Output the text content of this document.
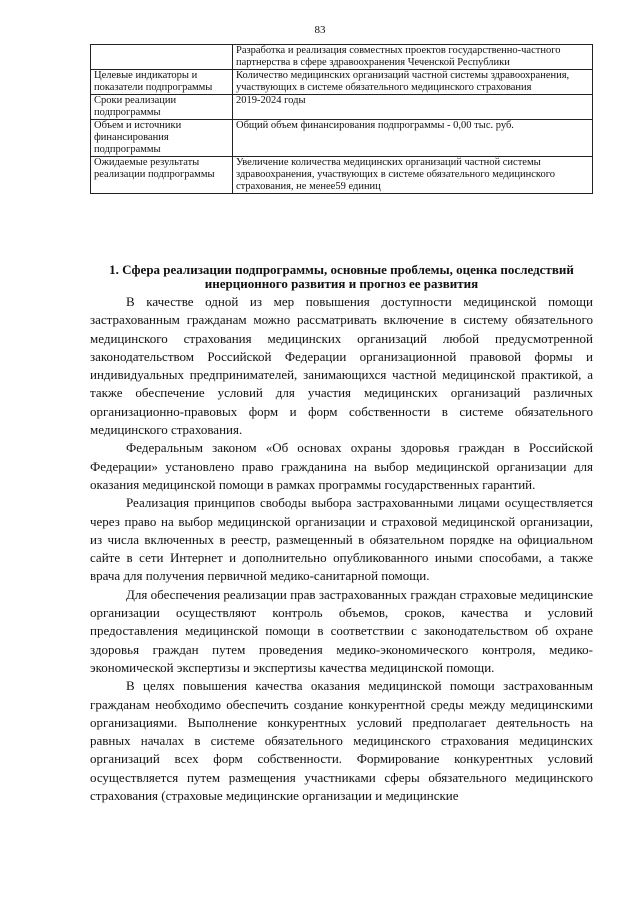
83
	Разработка и реализация совместных проектов государственно-частного партнерства в сфере здравоохранения Чеченской Республики
Целевые индикаторы и показатели подпрограммы	Количество медицинских организаций частной системы здравоохранения, участвующих в системе обязательного медицинского страхования
Сроки реализации подпрограммы	2019-2024 годы
Объем и источники финансирования подпрограммы	Общий объем финансирования подпрограммы - 0,00 тыс. руб.
Ожидаемые результаты реализации подпрограммы	Увеличение количества медицинских организаций частной системы здравоохранения, участвующих в системе обязательного медицинского страхования, не менее59 единиц
1. Сфера реализации подпрограммы, основные проблемы, оценка последствий инерционного развития и прогноз ее развития

В качестве одной из мер повышения доступности медицинской помощи застрахованным гражданам можно рассматривать включение в систему обязательного медицинского страхования медицинских организаций любой предусмотренной законодательством Российской Федерации организационной правовой формы и индивидуальных предпринимателей, занимающихся частной медицинской практикой, а также обеспечение условий для участия медицинских организаций различных организационно-правовых форм и форм собственности в системе обязательного медицинского страхования.

Федеральным законом «Об основах охраны здоровья граждан в Российской Федерации» установлено право гражданина на выбор медицинской организации для оказания медицинской помощи в рамках программы государственных гарантий.

Реализация принципов свободы выбора застрахованными лицами осуществляется через право на выбор медицинской организации и страховой медицинской организации, из числа включенных в реестр, размещенный в обязательном порядке на официальном сайте в сети Интернет и дополнительно опубликованного иными способами, а также врача для получения первичной медико-санитарной помощи.

Для обеспечения реализации прав застрахованных граждан страховые медицинские организации осуществляют контроль объемов, сроков, качества и условий предоставления медицинской помощи в соответствии с законодательством об охране здоровья граждан путем проведения медико-экономического контроля, медико-экономической экспертизы и экспертизы качества медицинской помощи.

В целях повышения качества оказания медицинской помощи застрахованным гражданам необходимо обеспечить создание конкурентной среды между медицинскими организациями. Выполнение конкурентных условий предполагает деятельность на равных началах в системе обязательного медицинского страхования медицинских организаций всех форм собственности. Формирование конкурентных условий осуществляется путем размещения участниками сферы обязательного медицинского страхования (страховые медицинские организации и медицинские
